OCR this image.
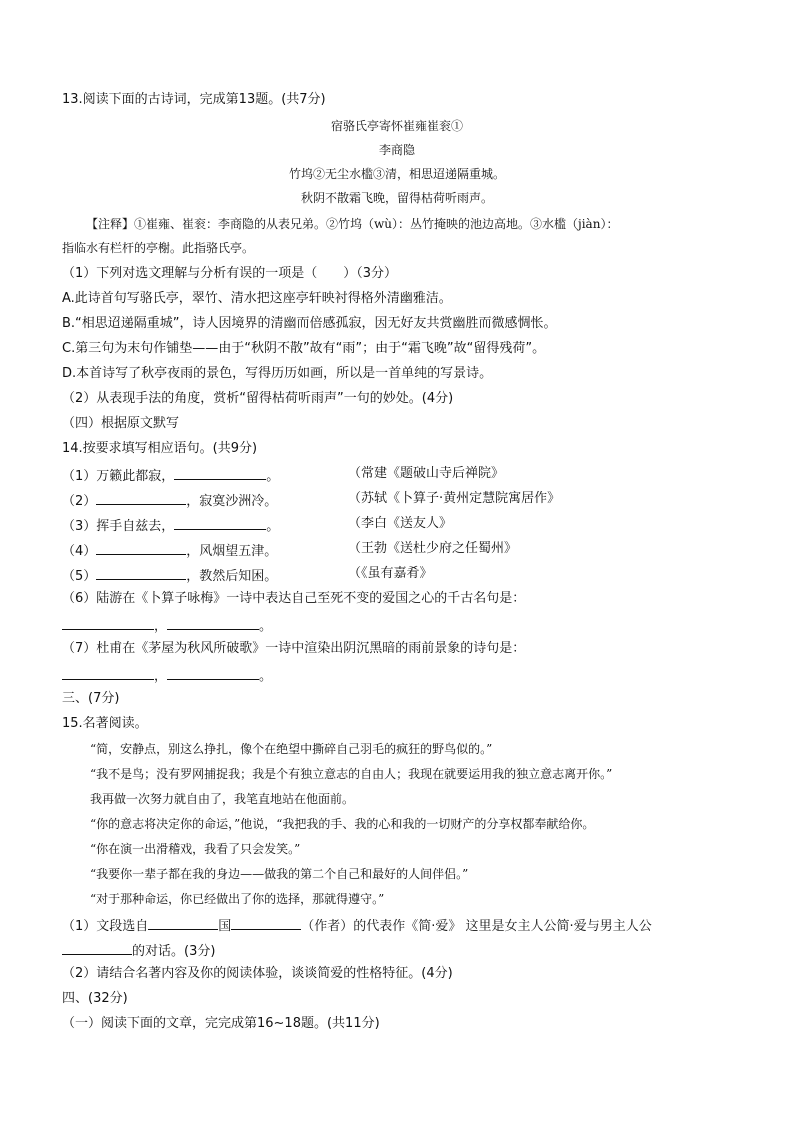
13.阅读下面的古诗词，完成第13题。(共7分)
宿骆氏亭寄怀崔雍崔衮①
李商隐
竹坞②无尘水槛③清，相思迢递隔重城。
秋阴不散霜飞晚，留得枯荷听雨声。
【注释】①崔雍、崔衮：李商隐的从表兄弟。②竹坞（wù）：丛竹掩映的池边高地。③水槛（jiàn）：
指临水有栏杆的亭榭。此指骆氏亭。
（1）下列对选文理解与分析有误的一项是（　　）（3分）
A.此诗首句写骆氏亭，翠竹、清水把这座亭轩映衬得格外清幽雅洁。
B.“相思迢递隔重城”，诗人因境界的清幽而倍感孤寂，因无好友共赏幽胜而微感惆怅。
C.第三句为末句作铺垫——由于“秋阴不散”故有“雨”；由于“霜飞晚”故“留得残荷”。
D.本首诗写了秋亭夜雨的景色，写得历历如画，所以是一首单纯的写景诗。
（2）从表现手法的角度，赏析“留得枯荷听雨声”一句的妙处。(4分)
（四）根据原文默写
14.按要求填写相应语句。(共9分)
（1）万籁此都寂，	。	（常建《题破山寺后禅院》
（2）	，寂寞沙洲冷。	（苏轼《卜算子·黄州定慧院寓居作》
（3）挥手自兹去，	。	（李白《送友人》
（4）	，风烟望五津。	（王勃《送杜少府之任蜀州》
（5）	，教然后知困。	（《虽有嘉肴》
（6）陆游在《卜算子咏梅》一诗中表达自己至死不变的爱国之心的千古名句是：
，	。
（7）杜甫在《茅屋为秋风所破歌》一诗中渲染出阴沉黑暗的雨前景象的诗句是：
，	。
三、(7分)
15.名著阅读。
“简，安静点，别这么挣扎，像个在绝望中撕碎自己羽毛的疯狂的野鸟似的。”
“我不是鸟；没有罗网捕捉我；我是个有独立意志的自由人；我现在就要运用我的独立意志离开你。”
我再做一次努力就自由了，我笔直地站在他面前。
“你的意志将决定你的命运，”他说，“我把我的手、我的心和我的一切财产的分享权都奉献给你。
“你在演一出滑稽戏，我看了只会发笑。”
“我要你一辈子都在我的身边——做我的第二个自己和最好的人间伴侣。”
“对于那种命运，你已经做出了你的选择，那就得遵守。”
（1）文段选自	国	（作者）的代表作《简·爱》 这里是女主人公简·爱与男主人公
的对话。(3分)
（2）请结合名著内容及你的阅读体验，谈谈简爱的性格特征。(4分)
四、(32分)
（一）阅读下面的文章，完完成第16~18题。(共11分)
